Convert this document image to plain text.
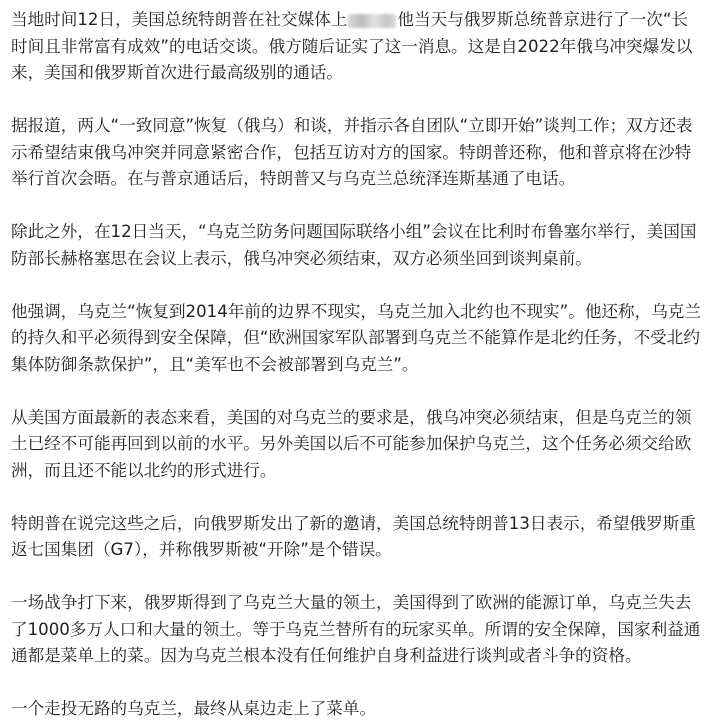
当地时间12日，美国总统特朗普在社交媒体上	他当天与俄罗斯总统普京进行了一次“长时间且非常富有成效”的电话交谈。俄方随后证实了这一消息。这是自2022年俄乌冲突爆发以来，美国和俄罗斯首次进行最高级别的通话。

据报道，两人“一致同意”恢复（俄乌）和谈，并指示各自团队“立即开始”谈判工作；双方还表示希望结束俄乌冲突并同意紧密合作，包括互访对方的国家。特朗普还称，他和普京将在沙特举行首次会晤。在与普京通话后，特朗普又与乌克兰总统泽连斯基通了电话。

除此之外，在12日当天，“乌克兰防务问题国际联络小组”会议在比利时布鲁塞尔举行，美国国防部长赫格塞思在会议上表示，俄乌冲突必须结束，双方必须坐回到谈判桌前。

他强调，乌克兰“恢复到2014年前的边界不现实，乌克兰加入北约也不现实”。他还称，乌克兰的持久和平必须得到安全保障，但“欧洲国家军队部署到乌克兰不能算作是北约任务，不受北约集体防御条款保护”，且“美军也不会被部署到乌克兰”。

从美国方面最新的表态来看，美国的对乌克兰的要求是，俄乌冲突必须结束，但是乌克兰的领土已经不可能再回到以前的水平。另外美国以后不可能参加保护乌克兰，这个任务必须交给欧洲，而且还不能以北约的形式进行。

特朗普在说完这些之后，向俄罗斯发出了新的邀请，美国总统特朗普13日表示，希望俄罗斯重返七国集团（G7），并称俄罗斯被“开除”是个错误。

一场战争打下来，俄罗斯得到了乌克兰大量的领土，美国得到了欧洲的能源订单，乌克兰失去了1000多万人口和大量的领土。等于乌克兰替所有的玩家买单。所谓的安全保障，国家利益通通都是菜单上的菜。因为乌克兰根本没有任何维护自身利益进行谈判或者斗争的资格。

一个走投无路的乌克兰，最终从桌边走上了菜单。
